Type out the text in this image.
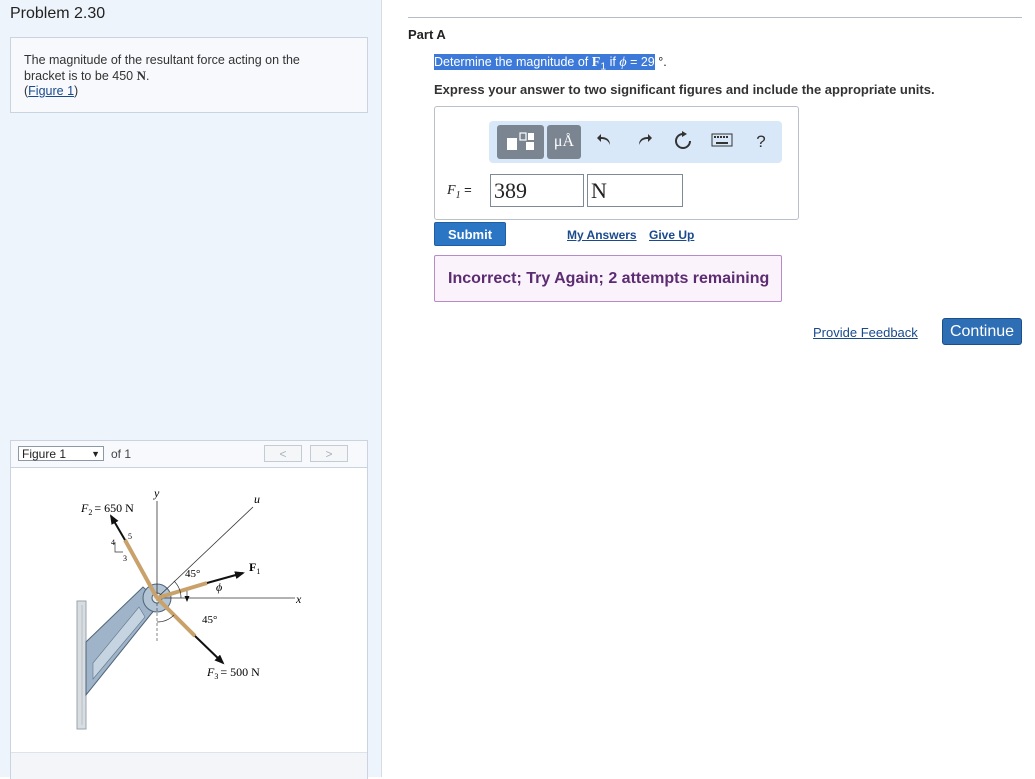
Problem 2.30
The magnitude of the resultant force acting on the
bracket is to be 450 N.
(Figure 1)
Figure 1	▼ of 1	<	>
$F_2 = 650$ N
$F_3 = 500$ N
$F_1$
y
x
u
45°
45°
ϕ
4
5
3
Part A
Determine the magnitude of $F_1$ if ϕ = 29 °.
Express your answer to two significant figures and include the appropriate units.
μÅ	?
$F_1 = 389$	N
Submit	My Answers Give Up
Incorrect; Try Again; 2 attempts remaining
Provide Feedback	Continue
